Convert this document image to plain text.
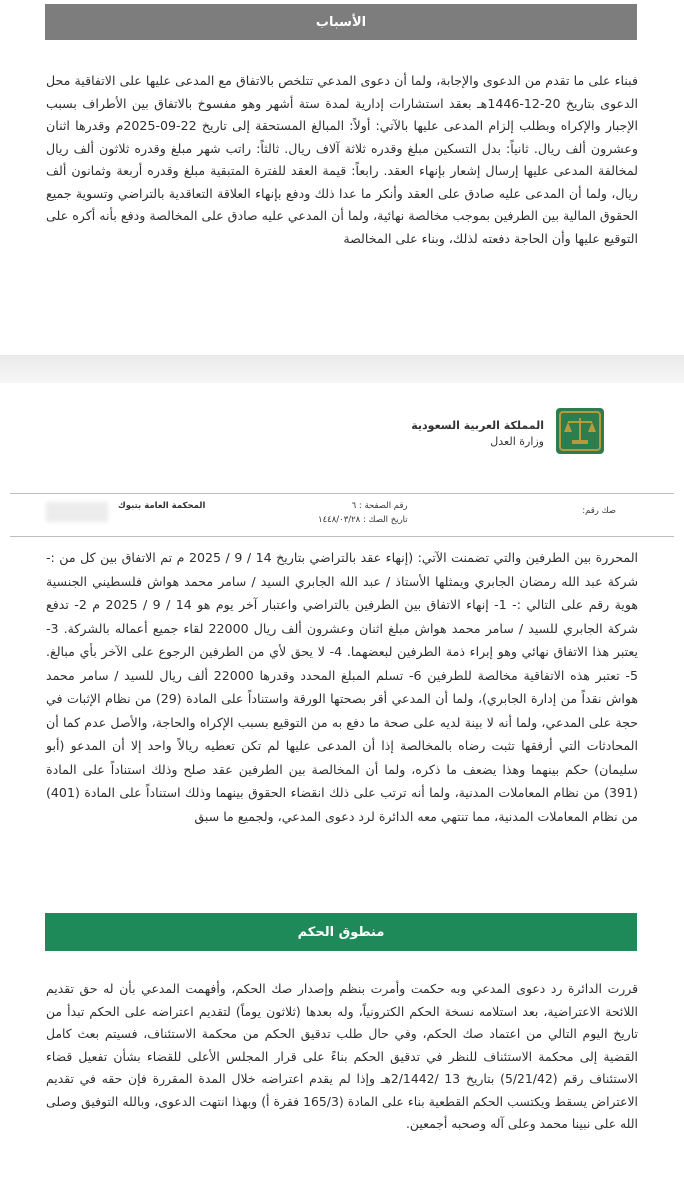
الأسباب
فبناء على ما تقدم من الدعوى والإجابة، ولما أن دعوى المدعي تتلخص بالاتفاق مع المدعى عليها على الاتفاقية محل الدعوى بتاريخ 20-12-1446هـ بعقد استشارات إدارية لمدة ستة أشهر وهو مفسوخ بالاتفاق بين الأطراف بسبب الإجبار والإكراه وبطلب إلزام المدعى عليها بالآتي: أولاً: المبالغ المستحقة إلى تاريخ 22-09-2025م وقدرها اثنان وعشرون ألف ريال. ثانياً: بدل التسكين مبلغ وقدره ثلاثة آلاف ريال. ثالثاً: راتب شهر مبلغ وقدره ثلاثون ألف ريال لمخالفة المدعى عليها إرسال إشعار بإنهاء العقد. رابعاً: قيمة العقد للفترة المتبقية مبلغ وقدره أربعة وثمانون ألف ريال، ولما أن المدعى عليه صادق على العقد وأنكر ما عدا ذلك ودفع بإنهاء العلاقة التعاقدية بالتراضي وتسوية جميع الحقوق المالية بين الطرفين بموجب مخالصة نهائية، ولما أن المدعي عليه صادق على المخالصة ودفع بأنه أكره على التوقيع عليها وأن الحاجة دفعته لذلك، وبناء على المخالصة
المملكة العربية السعودية
وزارة العدل
المحكمة العامة بتبوك	رقم الصفحة : ٦
تاريخ الصك : ١٤٤٨/٠٣/٢٨
صك رقم:
المحررة بين الطرفين والتي تضمنت الآتي: (إنهاء عقد بالتراضي بتاريخ 14 / 9 / 2025 م تم الاتفاق بين كل من :- شركة عبد الله رمضان الجابري ويمثلها الأستاذ / عبد الله الجابري السيد / سامر محمد هواش فلسطيني الجنسية هوية رقم على التالي :- 1- إنهاء الاتفاق بين الطرفين بالتراضي واعتبار آخر يوم هو 14 / 9 / 2025 م 2- تدفع شركة الجابري للسيد / سامر محمد هواش مبلغ اثنان وعشرون ألف ريال 22000 لقاء جميع أعماله بالشركة. 3- يعتبر هذا الاتفاق نهائي وهو إبراء ذمة الطرفين لبعضهما. 4- لا يحق لأي من الطرفين الرجوع على الآخر بأي مبالغ. 5- تعتبر هذه الاتفاقية مخالصة للطرفين 6- تسلم المبلغ المحدد وقدرها 22000 ألف ريال للسيد / سامر محمد هواش نقداً من إدارة الجابري)، ولما أن المدعي أقر بصحتها الورقة واستناداً على المادة (29) من نظام الإثبات في حجة على المدعي، ولما أنه لا بينة لديه على صحة ما دفع به من التوقيع بسبب الإكراه والحاجة، والأصل عدم كما أن المحادثات التي أرفقها تثبت رضاه بالمخالصة إذا أن المدعى عليها لم تكن تعطيه ريالاً واحد إلا أن المدعو (أبو سليمان) حكم بينهما وهذا يضعف ما ذكره، ولما أن المخالصة بين الطرفين عقد صلح وذلك استناداً على المادة (391) من نظام المعاملات المدنية، ولما أنه ترتب على ذلك انقضاء الحقوق بينهما وذلك استناداً على المادة (401) من نظام المعاملات المدنية، مما تنتهي معه الدائرة لرد دعوى المدعي، ولجميع ما سبق
منطوق الحكم
قررت الدائرة رد دعوى المدعي وبه حكمت وأمرت بنظم وإصدار صك الحكم، وأفهمت المدعي بأن له حق تقديم اللائحة الاعتراضية، بعد استلامه نسخة الحكم الكترونياً، وله بعدها (ثلاثون يوماً) لتقديم اعتراضه على الحكم تبدأ من تاريخ اليوم التالي من اعتماد صك الحكم، وفي حال طلب تدقيق الحكم من محكمة الاستئناف، فسيتم بعث كامل القضية إلى محكمة الاستئناف للنظر في تدقيق الحكم بناءً على قرار المجلس الأعلى للقضاء بشأن تفعيل قضاء الاستئناف رقم (5/21/42) بتاريخ 13 /2/1442هـ وإذا لم يقدم اعتراضه خلال المدة المقررة فإن حقه في تقديم الاعتراض يسقط ويكتسب الحكم القطعية بناء على المادة (165/3 فقرة أ) وبهذا انتهت الدعوى، وبالله التوفيق وصلى الله على نبينا محمد وعلى آله وصحبه أجمعين.
